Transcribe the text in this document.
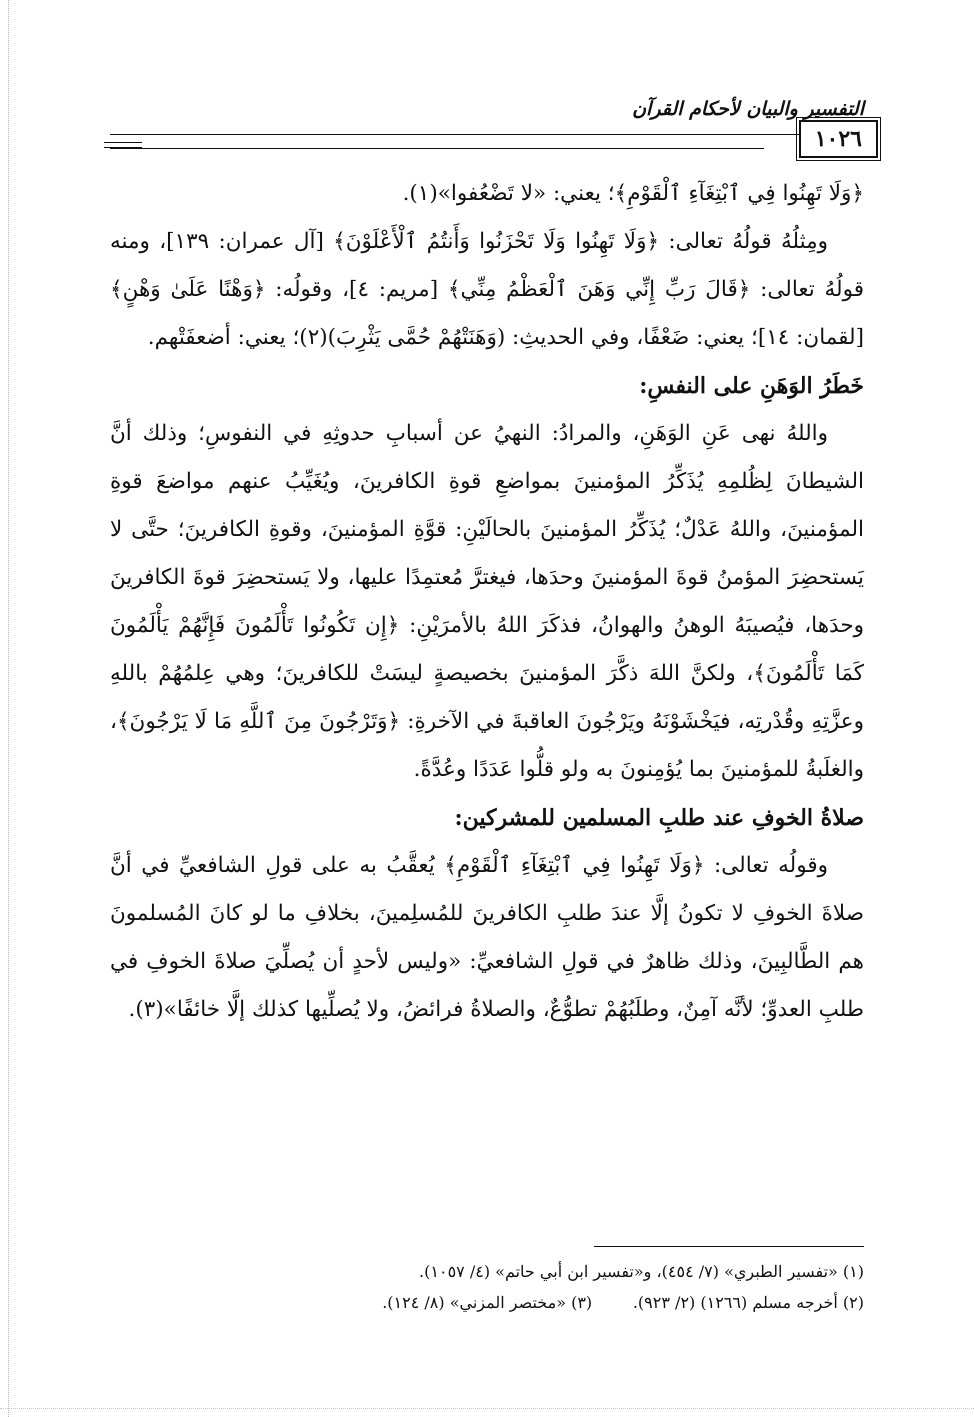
التفسير والبيان لأحكام القرآن
١٠٢٦

﴿وَلَا تَهِنُوا فِي ٱبْتِغَآءِ ٱلْقَوْمِ﴾؛ يعني: «لا تَضْعُفوا»(١).

ومِثلُهُ قولُهُ تعالى: ﴿وَلَا تَهِنُوا وَلَا تَحْزَنُوا وَأَنتُمُ ٱلْأَعْلَوْنَ﴾ [آل عمران: ١٣٩]، ومنه قولُهُ تعالى: ﴿قَالَ رَبِّ إِنِّي وَهَنَ ٱلْعَظْمُ مِنِّي﴾ [مريم: ٤]، وقولُه: ﴿وَهْنًا عَلَىٰ وَهْنٍ﴾ [لقمان: ١٤]؛ يعني: ضَعْفًا، وفي الحديثِ: (وَهَنَتْهُمْ حُمَّى يَثْرِبَ)(٢)؛ يعني: أضعفَتْهم.

خَطَرُ الوَهَنِ على النفسِ:

واللهُ نهى عَنِ الوَهَنِ، والمرادُ: النهيُ عن أسبابِ حدوثِهِ في النفوسِ؛ وذلك أنَّ الشيطانَ لِظُلمِهِ يُذَكِّرُ المؤمنينَ بمواضعِ قوةِ الكافرينَ، ويُغَيِّبُ عنهم مواضعَ قوةِ المؤمنينَ، واللهُ عَدْلٌ؛ يُذَكِّرُ المؤمنينَ بالحالَيْنِ: قوَّةِ المؤمنينَ، وقوةِ الكافرينَ؛ حتَّى لا يَستحضِرَ المؤمنُ قوةَ المؤمنينَ وحدَها، فيغترَّ مُعتمِدًا عليها، ولا يَستحضِرَ قوةَ الكافرينَ وحدَها، فيُصيبَهُ الوهنُ والهوانُ، فذكَرَ اللهُ بالأمرَيْنِ: ﴿إِن تَكُونُوا تَأْلَمُونَ فَإِنَّهُمْ يَأْلَمُونَ كَمَا تَأْلَمُونَ﴾، ولكنَّ اللهَ ذكَّرَ المؤمنينَ بخصيصةٍ ليسَتْ للكافرينَ؛ وهي عِلمُهُمْ باللهِ وعزَّتِهِ وقُدْرتِه، فيَخْشَوْنَهُ ويَرْجُونَ العاقبةَ في الآخرةِ: ﴿وَتَرْجُونَ مِنَ ٱللَّهِ مَا لَا يَرْجُونَ﴾، والغلَبةُ للمؤمنينَ بما يُؤمِنونَ به ولو قلُّوا عَدَدًا وعُدَّةً.

صلاةُ الخوفِ عند طلبِ المسلمين للمشركين:

وقولُه تعالى: ﴿وَلَا تَهِنُوا فِي ٱبْتِغَآءِ ٱلْقَوْمِ﴾ يُعقَّبُ به على قولِ الشافعيِّ في أنَّ صلاةَ الخوفِ لا تكونُ إلَّا عندَ طلبِ الكافرينَ للمُسلِمينَ، بخلافِ ما لو كانَ المُسلمونَ هم الطَّالبِينَ، وذلك ظاهرٌ في قولِ الشافعيِّ: «وليس لأحدٍ أن يُصلِّيَ صلاةَ الخوفِ في طلبِ العدوِّ؛ لأنَّه آمِنٌ، وطلَبُهُمْ تطوُّعٌ، والصلاةُ فرائضُ، ولا يُصلِّيها كذلك إلَّا خائفًا»(٣).

(١) «تفسير الطبري» (٧/ ٤٥٤)، و«تفسير ابن أبي حاتم» (٤/ ١٠٥٧).

(٢) أخرجه مسلم (١٢٦٦) (٢/ ٩٢٣).        (٣) «مختصر المزني» (٨/ ١٢٤).
